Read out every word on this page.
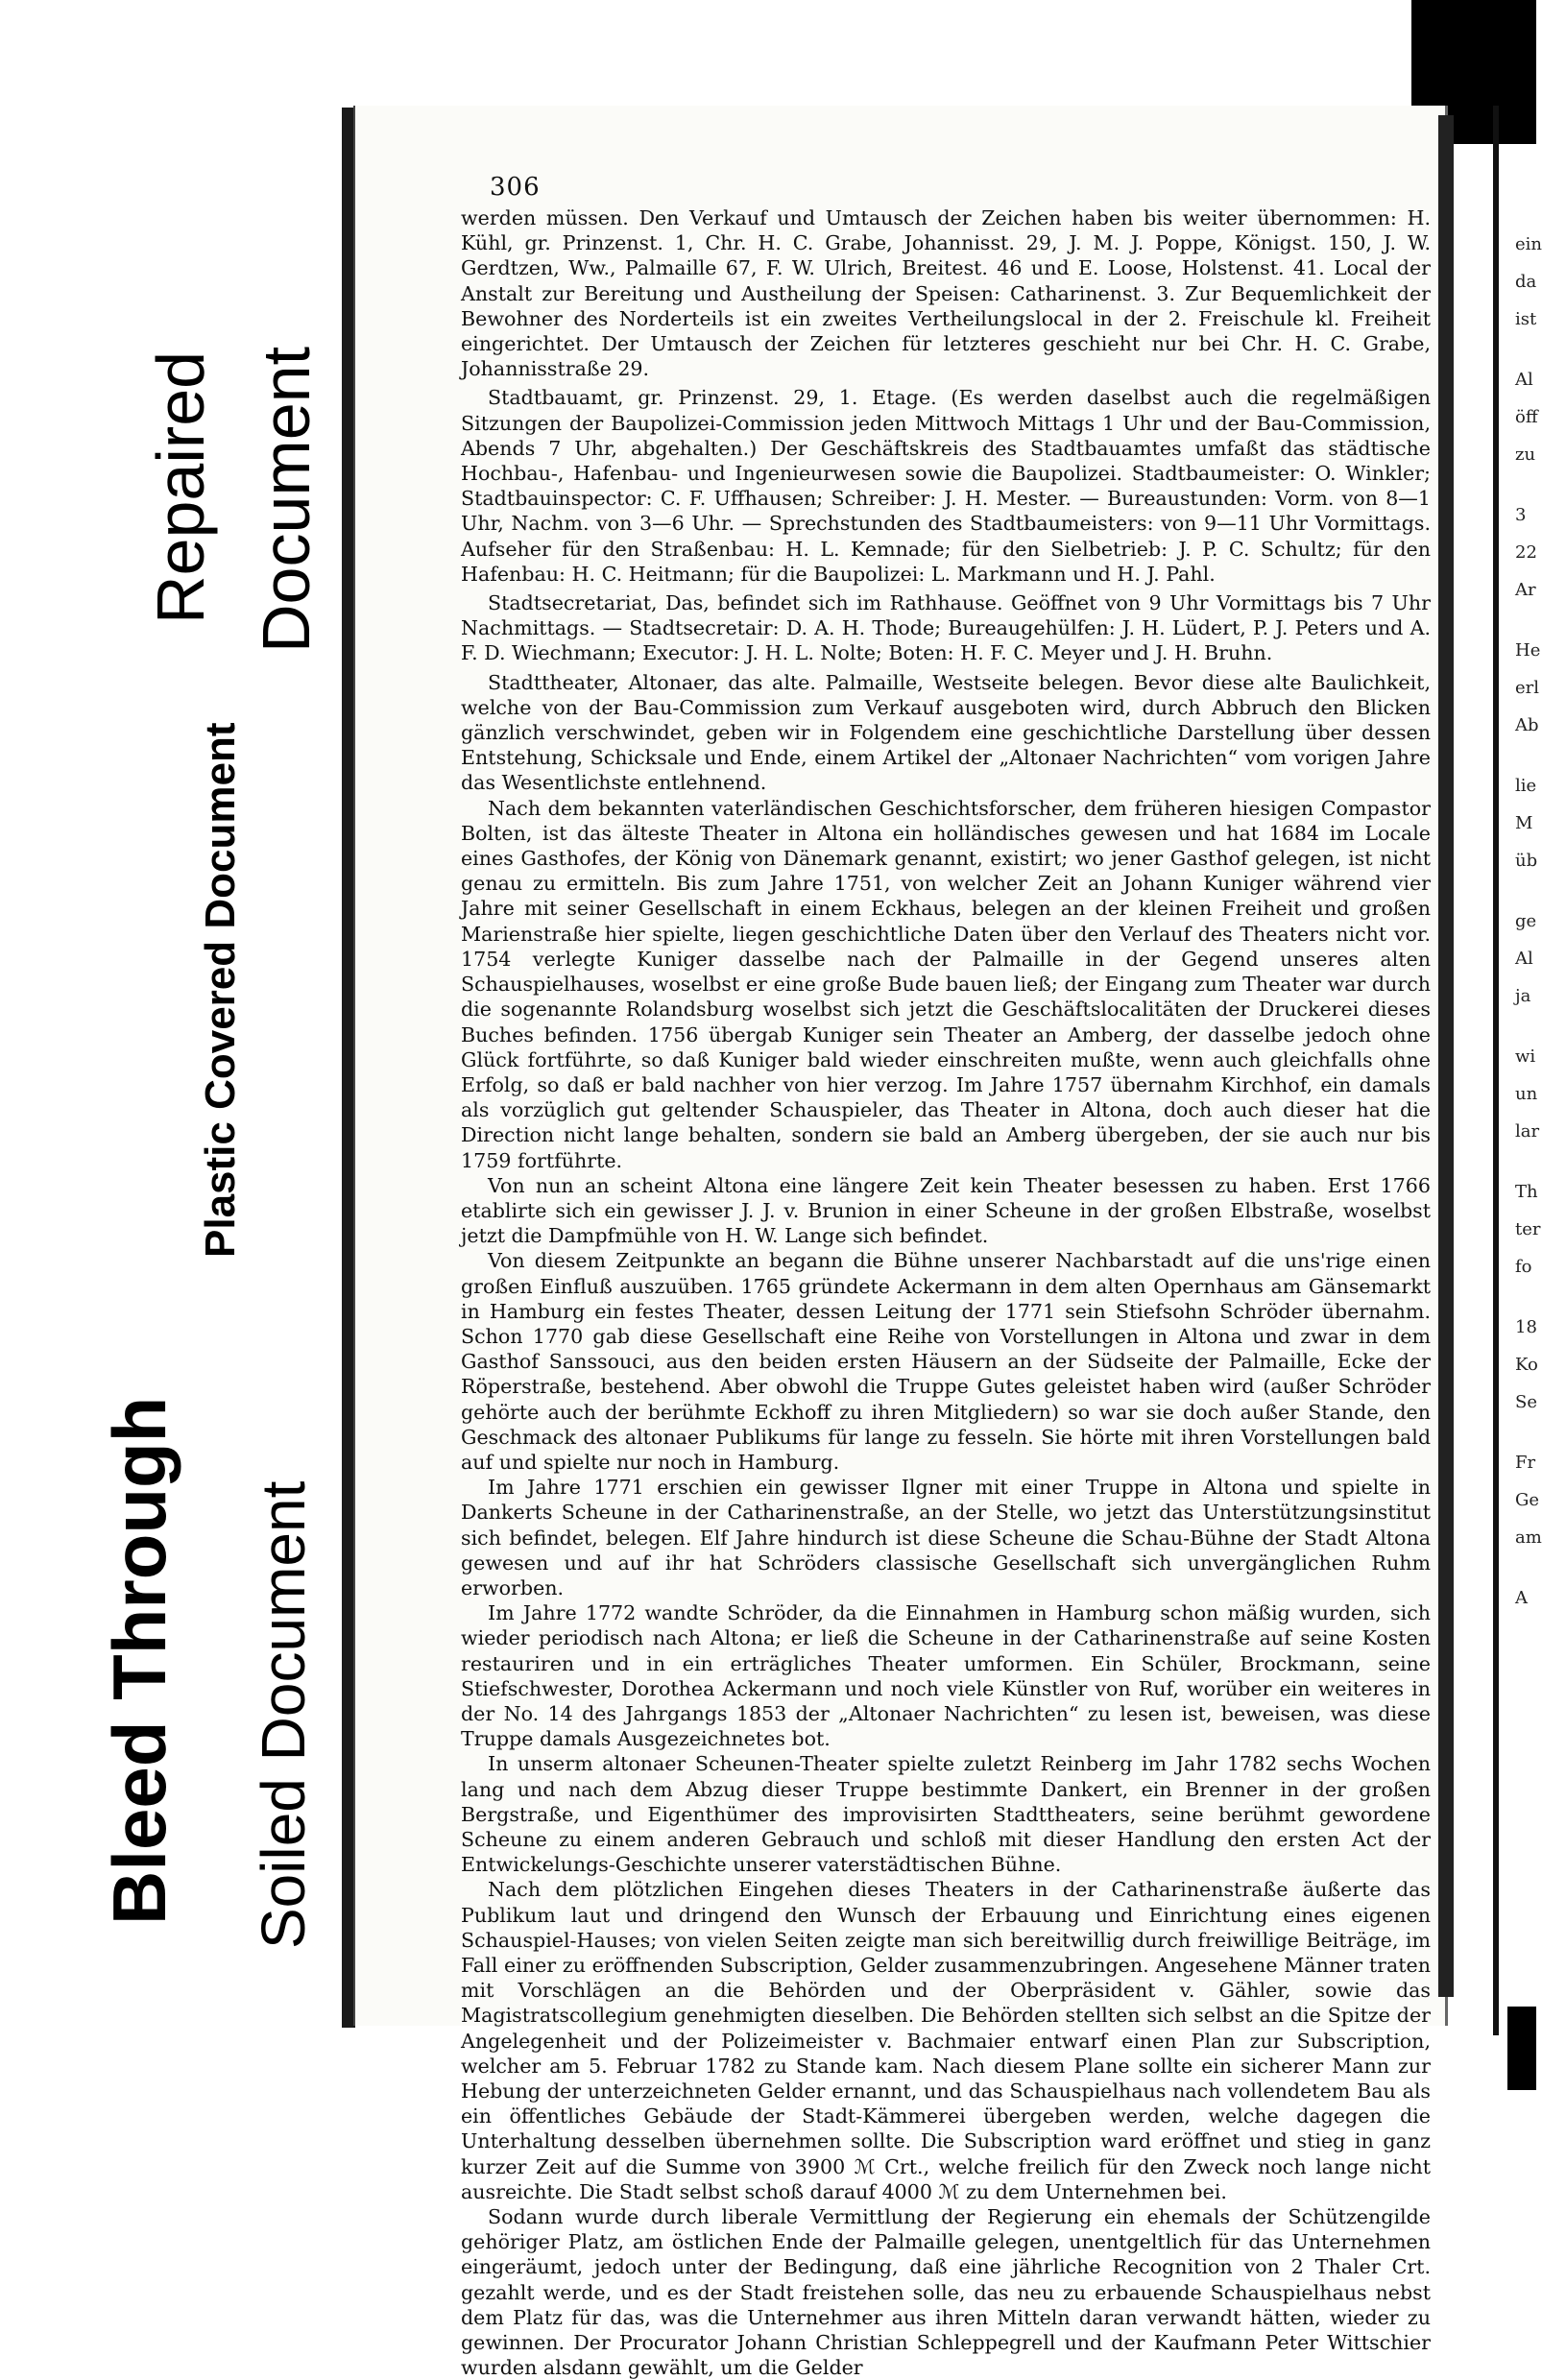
Bleed Through Soiled Document
Plastic Covered Document
Repaired Document
306

werden müssen. Den Verkauf und Umtausch der Zeichen haben bis weiter übernommen: H. Kühl, gr. Prinzenst. 1, Chr. H. C. Grabe, Johannisst. 29, J. M. J. Poppe, Königst. 150, J. W. Gerdtzen, Ww., Palmaille 67, F. W. Ulrich, Breitest. 46 und E. Loose, Holstenst. 41. Local der Anstalt zur Bereitung und Austheilung der Speisen: Catharinenst. 3. Zur Bequemlichkeit der Bewohner des Norderteils ist ein zweites Vertheilungslocal in der 2. Freischule kl. Freiheit eingerichtet. Der Umtausch der Zeichen für letzteres geschieht nur bei Chr. H. C. Grabe, Johannisstraße 29.

Stadtbauamt, gr. Prinzenst. 29, 1. Etage. (Es werden daselbst auch die regelmäßigen Sitzungen der Baupolizei-Commission jeden Mittwoch Mittags 1 Uhr und der Bau-Commission, Abends 7 Uhr, abgehalten.) Der Geschäftskreis des Stadtbauamtes umfaßt das städtische Hochbau-, Hafenbau- und Ingenieurwesen sowie die Baupolizei. Stadtbaumeister: O. Winkler; Stadtbauinspector: C. F. Uffhausen; Schreiber: J. H. Mester. — Bureaustunden: Vorm. von 8—1 Uhr, Nachm. von 3—6 Uhr. — Sprechstunden des Stadtbaumeisters: von 9—11 Uhr Vormittags. Aufseher für den Straßenbau: H. L. Kemnade; für den Sielbetrieb: J. P. C. Schultz; für den Hafenbau: H. C. Heitmann; für die Baupolizei: L. Markmann und H. J. Pahl.

Stadtsecretariat, Das, befindet sich im Rathhause. Geöffnet von 9 Uhr Vormittags bis 7 Uhr Nachmittags. — Stadtsecretair: D. A. H. Thode; Bureaugehülfen: J. H. Lüdert, P. J. Peters und A. F. D. Wiechmann; Executor: J. H. L. Nolte; Boten: H. F. C. Meyer und J. H. Bruhn.

Stadttheater, Altonaer, das alte. Palmaille, Westseite belegen. Bevor diese alte Baulichkeit, welche von der Bau-Commission zum Verkauf ausgeboten wird, durch Abbruch den Blicken gänzlich verschwindet, geben wir in Folgendem eine geschichtliche Darstellung über dessen Entstehung, Schicksale und Ende, einem Artikel der „Altonaer Nachrichten“ vom vorigen Jahre das Wesentlichste entlehnend.

Nach dem bekannten vaterländischen Geschichtsforscher, dem früheren hiesigen Compastor Bolten, ist das älteste Theater in Altona ein holländisches gewesen und hat 1684 im Locale eines Gasthofes, der König von Dänemark genannt, existirt; wo jener Gasthof gelegen, ist nicht genau zu ermitteln. Bis zum Jahre 1751, von welcher Zeit an Johann Kuniger während vier Jahre mit seiner Gesellschaft in einem Eckhaus, belegen an der kleinen Freiheit und großen Marienstraße hier spielte, liegen geschichtliche Daten über den Verlauf des Theaters nicht vor. 1754 verlegte Kuniger dasselbe nach der Palmaille in der Gegend unseres alten Schauspielhauses, woselbst er eine große Bude bauen ließ; der Eingang zum Theater war durch die sogenannte Rolandsburg woselbst sich jetzt die Geschäftslocalitäten der Druckerei dieses Buches befinden. 1756 übergab Kuniger sein Theater an Amberg, der dasselbe jedoch ohne Glück fortführte, so daß Kuniger bald wieder einschreiten mußte, wenn auch gleichfalls ohne Erfolg, so daß er bald nachher von hier verzog. Im Jahre 1757 übernahm Kirchhof, ein damals als vorzüglich gut geltender Schauspieler, das Theater in Altona, doch auch dieser hat die Direction nicht lange behalten, sondern sie bald an Amberg übergeben, der sie auch nur bis 1759 fortführte.

Von nun an scheint Altona eine längere Zeit kein Theater besessen zu haben. Erst 1766 etablirte sich ein gewisser J. J. v. Brunion in einer Scheune in der großen Elbstraße, woselbst jetzt die Dampfmühle von H. W. Lange sich befindet.

Von diesem Zeitpunkte an begann die Bühne unserer Nachbarstadt auf die uns'rige einen großen Einfluß auszuüben. 1765 gründete Ackermann in dem alten Opernhaus am Gänsemarkt in Hamburg ein festes Theater, dessen Leitung der 1771 sein Stiefsohn Schröder übernahm. Schon 1770 gab diese Gesellschaft eine Reihe von Vorstellungen in Altona und zwar in dem Gasthof Sanssouci, aus den beiden ersten Häusern an der Südseite der Palmaille, Ecke der Röperstraße, bestehend. Aber obwohl die Truppe Gutes geleistet haben wird (außer Schröder gehörte auch der berühmte Eckhoff zu ihren Mitgliedern) so war sie doch außer Stande, den Geschmack des altonaer Publikums für lange zu fesseln. Sie hörte mit ihren Vorstellungen bald auf und spielte nur noch in Hamburg.

Im Jahre 1771 erschien ein gewisser Ilgner mit einer Truppe in Altona und spielte in Dankerts Scheune in der Catharinenstraße, an der Stelle, wo jetzt das Unterstützungsinstitut sich befindet, belegen. Elf Jahre hindurch ist diese Scheune die Schau-Bühne der Stadt Altona gewesen und auf ihr hat Schröders classische Gesellschaft sich unvergänglichen Ruhm erworben.

Im Jahre 1772 wandte Schröder, da die Einnahmen in Hamburg schon mäßig wurden, sich wieder periodisch nach Altona; er ließ die Scheune in der Catharinenstraße auf seine Kosten restauriren und in ein erträgliches Theater umformen. Ein Schüler, Brockmann, seine Stiefschwester, Dorothea Ackermann und noch viele Künstler von Ruf, worüber ein weiteres in der No. 14 des Jahrgangs 1853 der „Altonaer Nachrichten“ zu lesen ist, beweisen, was diese Truppe damals Ausgezeichnetes bot.

In unserm altonaer Scheunen-Theater spielte zuletzt Reinberg im Jahr 1782 sechs Wochen lang und nach dem Abzug dieser Truppe bestimmte Dankert, ein Brenner in der großen Bergstraße, und Eigenthümer des improvisirten Stadttheaters, seine berühmt gewordene Scheune zu einem anderen Gebrauch und schloß mit dieser Handlung den ersten Act der Entwickelungs-Geschichte unserer vaterstädtischen Bühne.

Nach dem plötzlichen Eingehen dieses Theaters in der Catharinenstraße äußerte das Publikum laut und dringend den Wunsch der Erbauung und Einrichtung eines eigenen Schauspiel-Hauses; von vielen Seiten zeigte man sich bereitwillig durch freiwillige Beiträge, im Fall einer zu eröffnenden Subscription, Gelder zusammenzubringen. Angesehene Männer traten mit Vorschlägen an die Behörden und der Oberpräsident v. Gähler, sowie das Magistratscollegium genehmigten dieselben. Die Behörden stellten sich selbst an die Spitze der Angelegenheit und der Polizeimeister v. Bachmaier entwarf einen Plan zur Subscription, welcher am 5. Februar 1782 zu Stande kam. Nach diesem Plane sollte ein sicherer Mann zur Hebung der unterzeichneten Gelder ernannt, und das Schauspielhaus nach vollendetem Bau als ein öffentliches Gebäude der Stadt-Kämmerei übergeben werden, welche dagegen die Unterhaltung desselben übernehmen sollte. Die Subscription ward eröffnet und stieg in ganz kurzer Zeit auf die Summe von 3900 ℳ Crt., welche freilich für den Zweck noch lange nicht ausreichte. Die Stadt selbst schoß darauf 4000 ℳ zu dem Unternehmen bei.

Sodann wurde durch liberale Vermittlung der Regierung ein ehemals der Schützengilde gehöriger Platz, am östlichen Ende der Palmaille gelegen, unentgeltlich für das Unternehmen eingeräumt, jedoch unter der Bedingung, daß eine jährliche Recognition von 2 Thaler Crt. gezahlt werde, und es der Stadt freistehen solle, das neu zu erbauende Schauspielhaus nebst dem Platz für das, was die Unternehmer aus ihren Mitteln daran verwandt hätten, wieder zu gewinnen. Der Procurator Johann Christian Schleppegrell und der Kaufmann Peter Wittschier wurden alsdann gewählt, um die Gelder

ein
da
ist
Al
öff
zu
3
22
Ar
He
erl
Ab
lie
M
üb
ge
Al
ja
wi
un
lar
Th
ter
fo
18
Ko
Se
Fr
Ge
am
A
